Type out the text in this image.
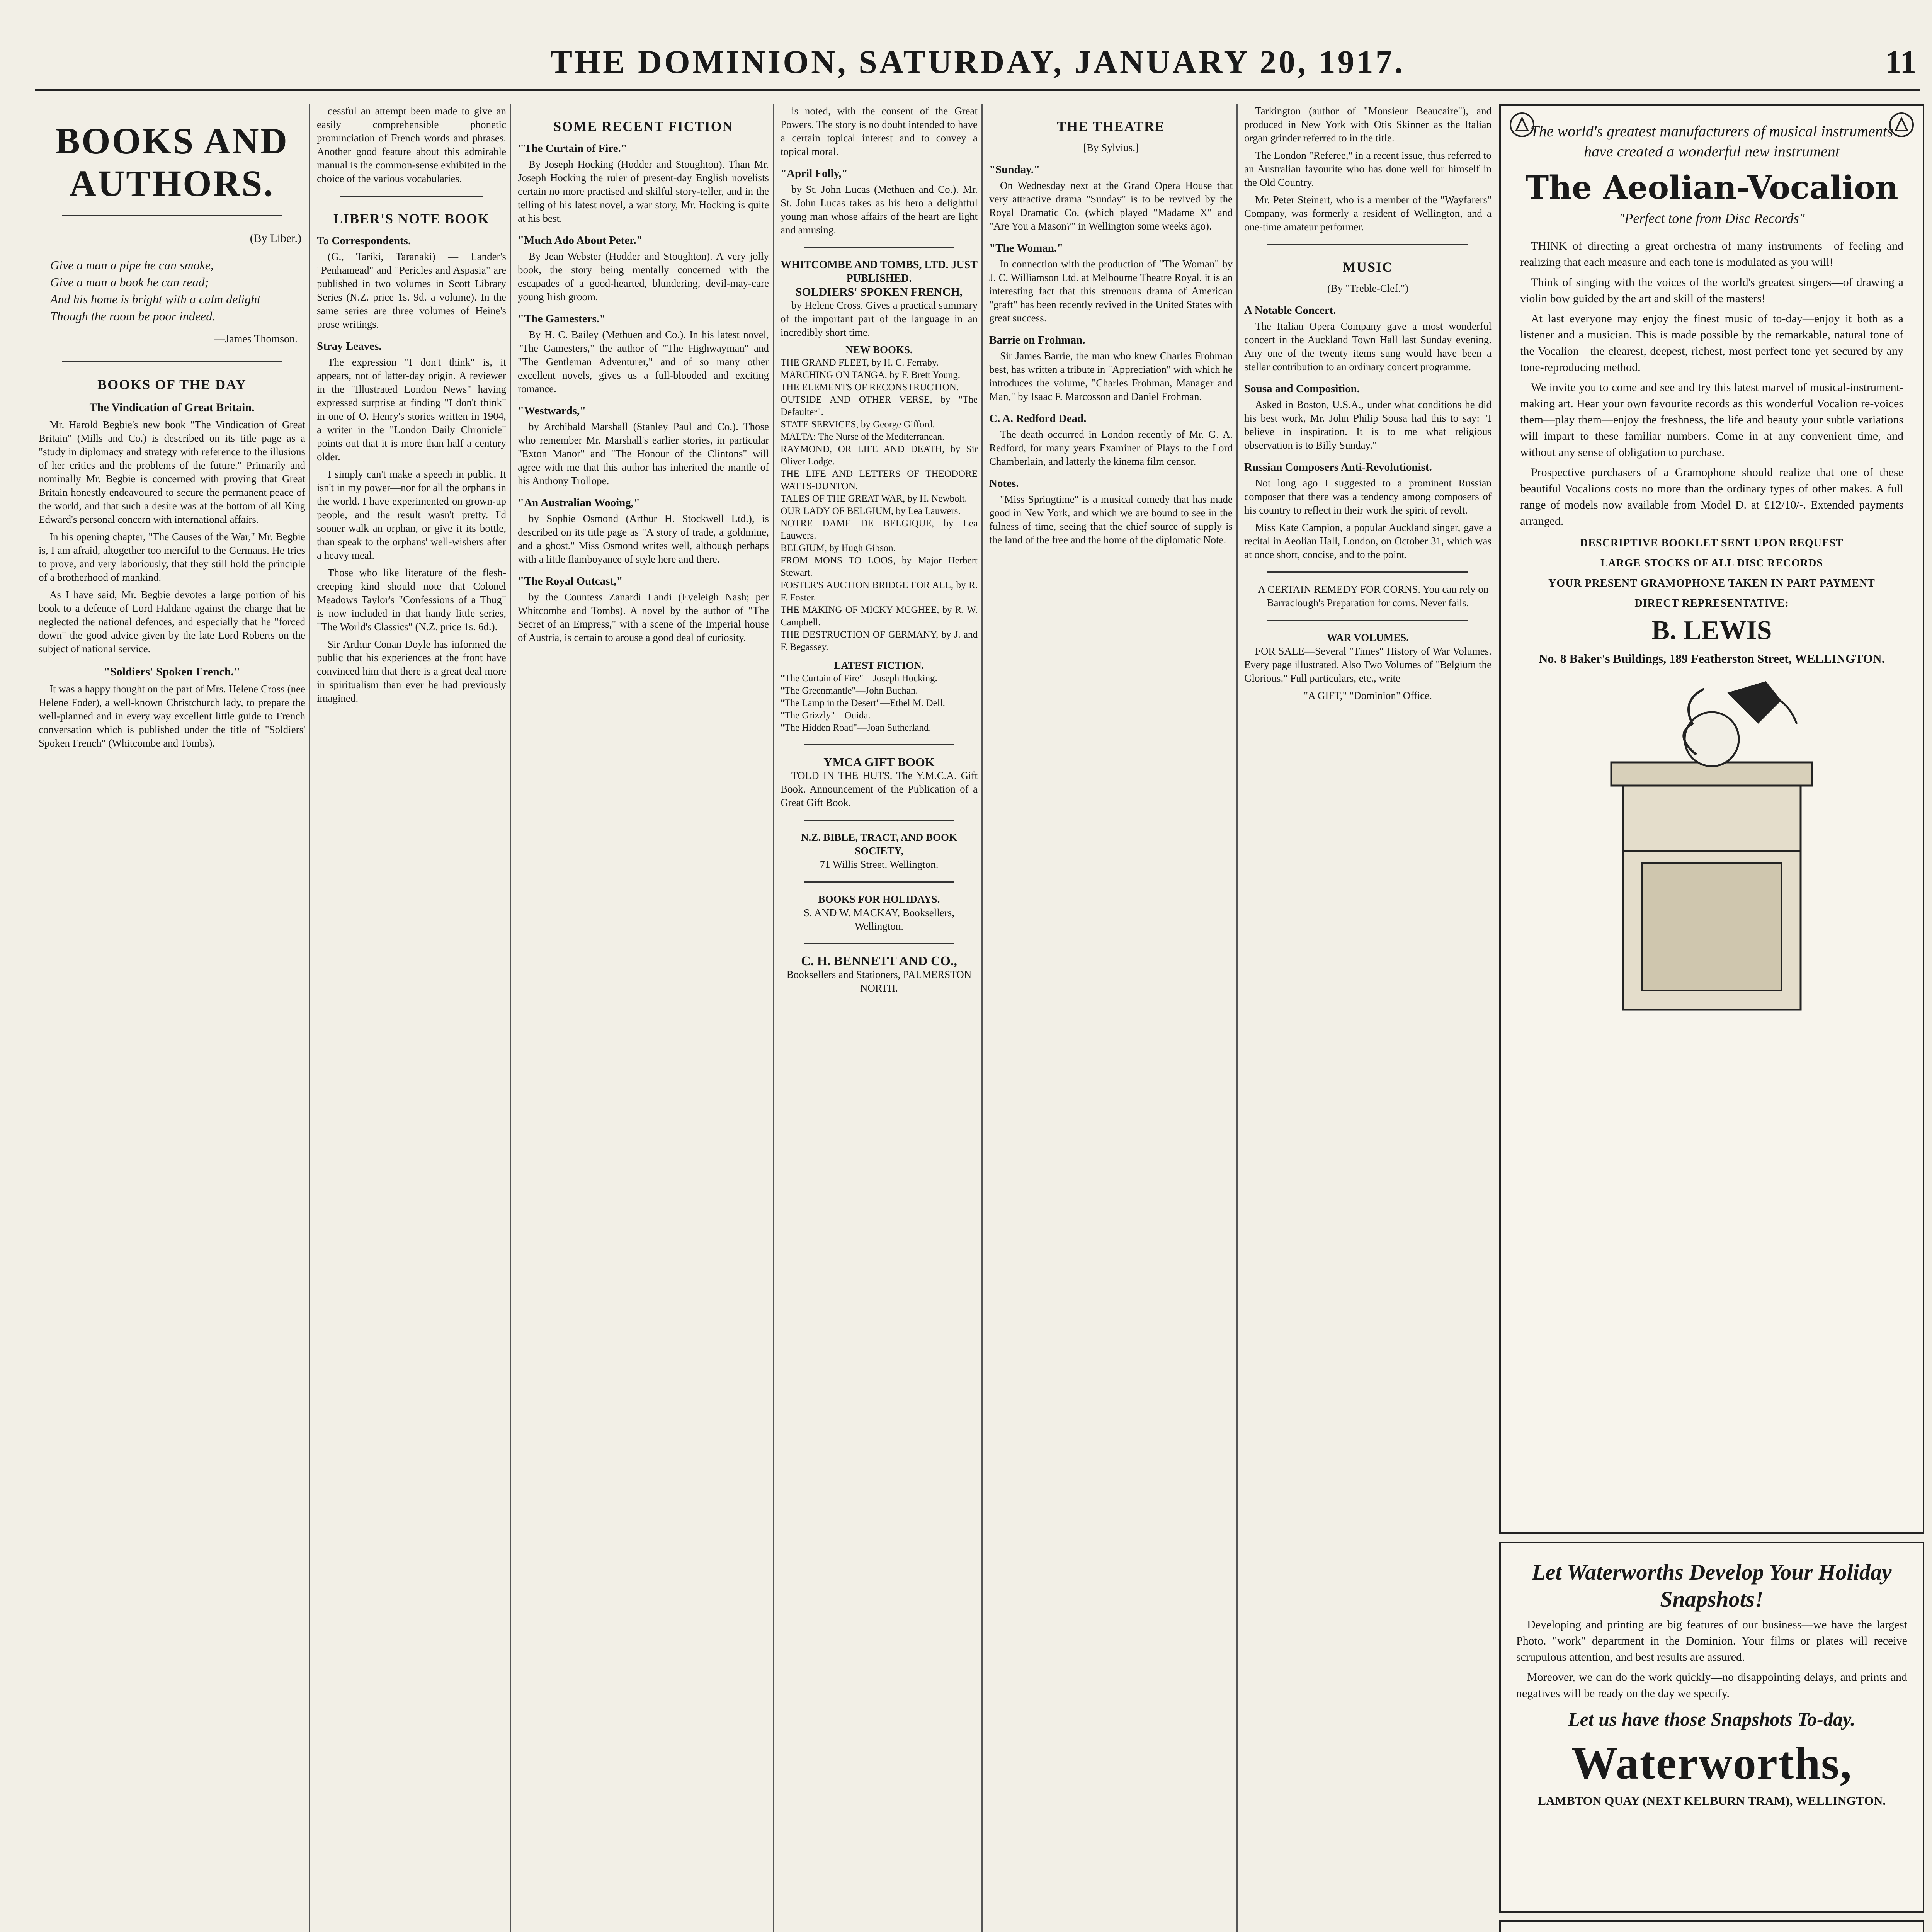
THE DOMINION, SATURDAY, JANUARY 20, 1917.	11
BOOKS AND AUTHORS.
(By Liber.)
Give a man a pipe he can smoke,
Give a man a book he can read;
And his home is bright with a calm delight
Though the room be poor indeed.
—James Thomson.
BOOKS OF THE DAY
The Vindication of Great Britain.

Mr. Harold Begbie's new book "The Vindication of Great Britain" (Mills and Co.) is described on its title page as a "study in diplomacy and strategy with reference to the illusions of her critics and the problems of the future." Primarily and nominally Mr. Begbie is concerned with proving that Great Britain honestly endeavoured to secure the permanent peace of the world, and that such a desire was at the bottom of all King Edward's personal concern with international affairs.

In his opening chapter, "The Causes of the War," Mr. Begbie is, I am afraid, altogether too merciful to the Germans. He tries to prove, and very laboriously, that they still hold the principle of a brotherhood of mankind.

As I have said, Mr. Begbie devotes a large portion of his book to a defence of Lord Haldane against the charge that he neglected the national defences, and especially that he "forced down" the good advice given by the late Lord Roberts on the subject of national service.

"Soldiers' Spoken French."

It was a happy thought on the part of Mrs. Helene Cross (nee Helene Foder), a well-known Christchurch lady, to prepare the well-planned and in every way excellent little guide to French conversation which is published under the title of "Soldiers' Spoken French" (Whitcombe and Tombs).

cessful an attempt been made to give an easily comprehensible phonetic pronunciation of French words and phrases. Another good feature about this admirable manual is the common-sense exhibited in the choice of the various vocabularies.

LIBER'S NOTE BOOK
To Correspondents.

(G., Tariki, Taranaki) — Lander's "Penhamead" and "Pericles and Aspasia" are published in two volumes in Scott Library Series (N.Z. price 1s. 9d. a volume). In the same series are three volumes of Heine's prose writings.

Stray Leaves.

The expression "I don't think" is, it appears, not of latter-day origin. A reviewer in the "Illustrated London News" having expressed surprise at finding "I don't think" in one of O. Henry's stories written in 1904, a writer in the "London Daily Chronicle" points out that it is more than half a century older.

I simply can't make a speech in public. It isn't in my power—nor for all the orphans in the world. I have experimented on grown-up people, and the result wasn't pretty. I'd sooner walk an orphan, or give it its bottle, than speak to the orphans' well-wishers after a heavy meal.

Those who like literature of the flesh-creeping kind should note that Colonel Meadows Taylor's "Confessions of a Thug" is now included in that handy little series, "The World's Classics" (N.Z. price 1s. 6d.).

Sir Arthur Conan Doyle has informed the public that his experiences at the front have convinced him that there is a great deal more in spiritualism than ever he had previously imagined.

SOME RECENT FICTION
"The Curtain of Fire."

By Joseph Hocking (Hodder and Stoughton). Than Mr. Joseph Hocking the ruler of present-day English novelists certain no more practised and skilful story-teller, and in the telling of his latest novel, a war story, Mr. Hocking is quite at his best.

"Much Ado About Peter."

By Jean Webster (Hodder and Stoughton). A very jolly book, the story being mentally concerned with the escapades of a good-hearted, blundering, devil-may-care young Irish groom.

"The Gamesters."

By H. C. Bailey (Methuen and Co.). In his latest novel, "The Gamesters," the author of "The Highwayman" and "The Gentleman Adventurer," and of so many other excellent novels, gives us a full-blooded and exciting romance.

"Westwards,"

by Archibald Marshall (Stanley Paul and Co.). Those who remember Mr. Marshall's earlier stories, in particular "Exton Manor" and "The Honour of the Clintons" will agree with me that this author has inherited the mantle of his Anthony Trollope.

"An Australian Wooing,"

by Sophie Osmond (Arthur H. Stockwell Ltd.), is described on its title page as "A story of trade, a goldmine, and a ghost." Miss Osmond writes well, although perhaps with a little flamboyance of style here and there.

"The Royal Outcast,"

by the Countess Zanardi Landi (Eveleigh Nash; per Whitcombe and Tombs). A novel by the author of "The Secret of an Empress," with a scene of the Imperial house of Austria, is certain to arouse a good deal of curiosity.

is noted, with the consent of the Great Powers. The story is no doubt intended to have a certain topical interest and to convey a topical moral.

"April Folly,"

by St. John Lucas (Methuen and Co.). Mr. St. John Lucas takes as his hero a delightful young man whose affairs of the heart are light and amusing.

WHITCOMBE AND TOMBS, LTD. JUST PUBLISHED.
SOLDIERS' SPOKEN FRENCH,

by Helene Cross. Gives a practical summary of the important part of the language in an incredibly short time.

NEW BOOKS.
THE GRAND FLEET, by H. C. Ferraby.
MARCHING ON TANGA, by F. Brett Young.
THE ELEMENTS OF RECONSTRUCTION.
OUTSIDE AND OTHER VERSE, by "The Defaulter".
STATE SERVICES, by George Gifford.
MALTA: The Nurse of the Mediterranean.
RAYMOND, OR LIFE AND DEATH, by Sir Oliver Lodge.
THE LIFE AND LETTERS OF THEODORE WATTS-DUNTON.
TALES OF THE GREAT WAR, by H. Newbolt.
OUR LADY OF BELGIUM, by Lea Lauwers.
NOTRE DAME DE BELGIQUE, by Lea Lauwers.
BELGIUM, by Hugh Gibson.
FROM MONS TO LOOS, by Major Herbert Stewart.
FOSTER'S AUCTION BRIDGE FOR ALL, by R. F. Foster.
THE MAKING OF MICKY MCGHEE, by R. W. Campbell.
THE DESTRUCTION OF GERMANY, by J. and F. Begassey.
LATEST FICTION.
"The Curtain of Fire"—Joseph Hocking.
"The Greenmantle"—John Buchan.
"The Lamp in the Desert"—Ethel M. Dell.
"The Grizzly"—Ouida.
"The Hidden Road"—Joan Sutherland.
YMCA GIFT BOOK

TOLD IN THE HUTS. The Y.M.C.A. Gift Book. Announcement of the Publication of a Great Gift Book.

N.Z. BIBLE, TRACT, AND BOOK SOCIETY,
71 Willis Street, Wellington.
BOOKS FOR HOLIDAYS.
S. AND W. MACKAY, Booksellers, Wellington.
C. H. BENNETT AND CO.,
Booksellers and Stationers, PALMERSTON NORTH.
THE THEATRE
[By Sylvius.]
"Sunday."

On Wednesday next at the Grand Opera House that very attractive drama "Sunday" is to be revived by the Royal Dramatic Co. (which played "Madame X" and "Are You a Mason?" in Wellington some weeks ago).

"The Woman."

In connection with the production of "The Woman" by J. C. Williamson Ltd. at Melbourne Theatre Royal, it is an interesting fact that this strenuous drama of American "graft" has been recently revived in the United States with great success.

Barrie on Frohman.

Sir James Barrie, the man who knew Charles Frohman best, has written a tribute in "Appreciation" with which he introduces the volume, "Charles Frohman, Manager and Man," by Isaac F. Marcosson and Daniel Frohman.

C. A. Redford Dead.

The death occurred in London recently of Mr. G. A. Redford, for many years Examiner of Plays to the Lord Chamberlain, and latterly the kinema film censor.

Notes.

"Miss Springtime" is a musical comedy that has made good in New York, and which we are bound to see in the fulness of time, seeing that the chief source of supply is the land of the free and the home of the diplomatic Note.

Tarkington (author of "Monsieur Beaucaire"), and produced in New York with Otis Skinner as the Italian organ grinder referred to in the title.

The London "Referee," in a recent issue, thus referred to an Australian favourite who has done well for himself in the Old Country.

Mr. Peter Steinert, who is a member of the "Wayfarers" Company, was formerly a resident of Wellington, and a one-time amateur performer.

MUSIC
(By "Treble-Clef.")
A Notable Concert.

The Italian Opera Company gave a most wonderful concert in the Auckland Town Hall last Sunday evening. Any one of the twenty items sung would have been a stellar contribution to an ordinary concert programme.

Sousa and Composition.

Asked in Boston, U.S.A., under what conditions he did his best work, Mr. John Philip Sousa had this to say: "I believe in inspiration. It is to me what religious observation is to Billy Sunday."

Russian Composers Anti-Revolutionist.

Not long ago I suggested to a prominent Russian composer that there was a tendency among composers of his country to reflect in their work the spirit of revolt.

Miss Kate Campion, a popular Auckland singer, gave a recital in Aeolian Hall, London, on October 31, which was at once short, concise, and to the point.

A CERTAIN REMEDY FOR CORNS. You can rely on Barraclough's Preparation for corns. Never fails.

WAR VOLUMES.

FOR SALE—Several "Times" History of War Volumes. Every page illustrated. Also Two Volumes of "Belgium the Glorious." Full particulars, etc., write

"A GIFT," "Dominion" Office.
The world's greatest manufacturers of musical instruments have created a wonderful new instrument
The Aeolian-Vocalion
"Perfect tone from Disc Records"

THINK of directing a great orchestra of many instruments—of feeling and realizing that each measure and each tone is modulated as you will!

Think of singing with the voices of the world's greatest singers—of drawing a violin bow guided by the art and skill of the masters!

At last everyone may enjoy the finest music of to-day—enjoy it both as a listener and a musician. This is made possible by the remarkable, natural tone of the Vocalion—the clearest, deepest, richest, most perfect tone yet secured by any tone-reproducing method.

We invite you to come and see and try this latest marvel of musical-instrument-making art. Hear your own favourite records as this wonderful Vocalion re-voices them—play them—enjoy the freshness, the life and beauty your subtle variations will impart to these familiar numbers. Come in at any convenient time, and without any sense of obligation to purchase.

Prospective purchasers of a Gramophone should realize that one of these beautiful Vocalions costs no more than the ordinary types of other makes. A full range of models now available from Model D. at £12/10/-. Extended payments arranged.

DESCRIPTIVE BOOKLET SENT UPON REQUEST
LARGE STOCKS OF ALL DISC RECORDS
YOUR PRESENT GRAMOPHONE TAKEN IN PART PAYMENT
DIRECT REPRESENTATIVE:
B. LEWIS
No. 8 Baker's Buildings, 189 Featherston Street, WELLINGTON.
Let Waterworths Develop Your Holiday Snapshots!

Developing and printing are big features of our business—we have the largest Photo. "work" department in the Dominion. Your films or plates will receive scrupulous attention, and best results are assured.

Moreover, we can do the work quickly—no disappointing delays, and prints and negatives will be ready on the day we specify.

Let us have those Snapshots To-day.
Waterworths,
LAMBTON QUAY (NEXT KELBURN TRAM), WELLINGTON.
